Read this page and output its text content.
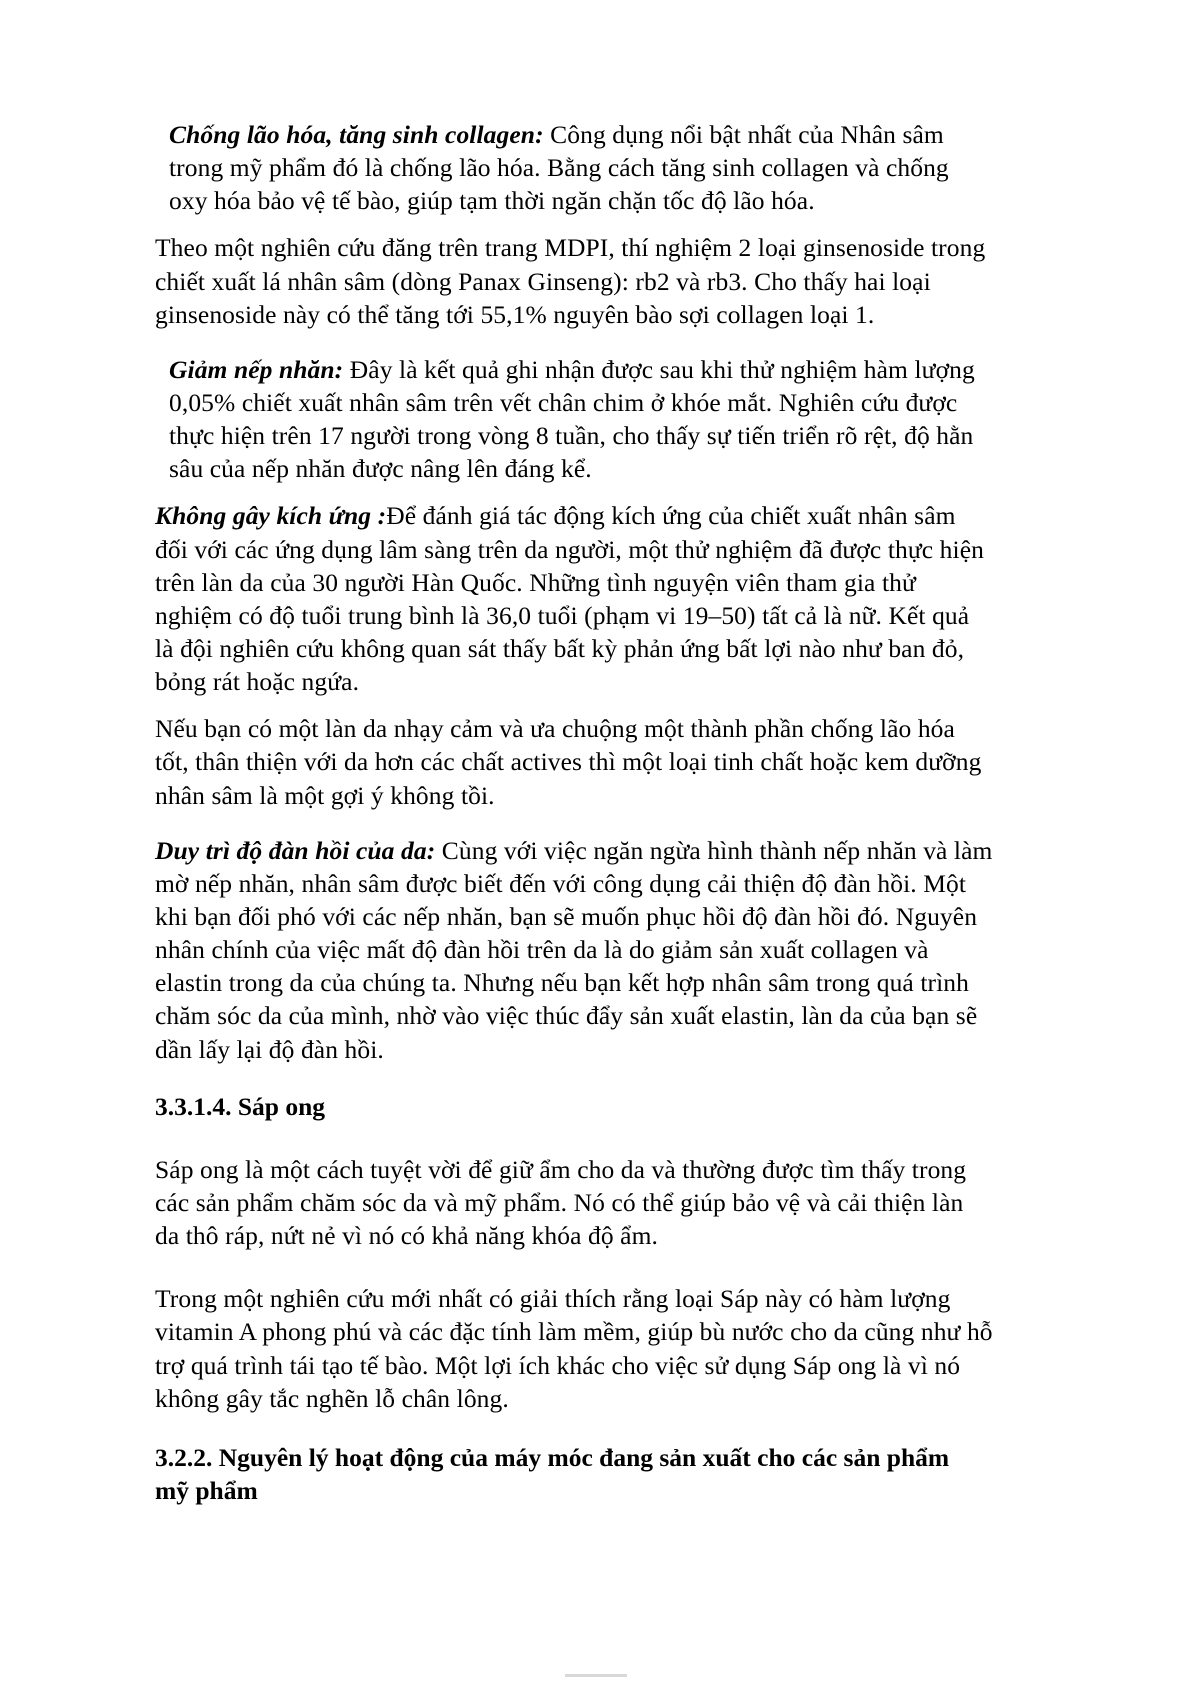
Chống lão hóa, tăng sinh collagen: Công dụng nổi bật nhất của Nhân sâm trong mỹ phẩm đó là chống lão hóa. Bằng cách tăng sinh collagen và chống oxy hóa bảo vệ tế bào, giúp tạm thời ngăn chặn tốc độ lão hóa.

Theo một nghiên cứu đăng trên trang MDPI, thí nghiệm 2 loại ginsenoside trong chiết xuất lá nhân sâm (dòng Panax Ginseng): rb2 và rb3. Cho thấy hai loại ginsenoside này có thể tăng tới 55,1% nguyên bào sợi collagen loại 1.

Giảm nếp nhăn: Đây là kết quả ghi nhận được sau khi thử nghiệm hàm lượng 0,05% chiết xuất nhân sâm trên vết chân chim ở khóe mắt. Nghiên cứu được thực hiện trên 17 người trong vòng 8 tuần, cho thấy sự tiến triển rõ rệt, độ hằn sâu của nếp nhăn được nâng lên đáng kể.

Không gây kích ứng :Để đánh giá tác động kích ứng của chiết xuất nhân sâm đối với các ứng dụng lâm sàng trên da người, một thử nghiệm đã được thực hiện trên làn da của 30 người Hàn Quốc. Những tình nguyện viên tham gia thử nghiệm có độ tuổi trung bình là 36,0 tuổi (phạm vi 19–50) tất cả là nữ. Kết quả là đội nghiên cứu không quan sát thấy bất kỳ phản ứng bất lợi nào như ban đỏ, bỏng rát hoặc ngứa.

Nếu bạn có một làn da nhạy cảm và ưa chuộng một thành phần chống lão hóa tốt, thân thiện với da hơn các chất actives thì một loại tinh chất hoặc kem dưỡng nhân sâm là một gợi ý không tồi.

Duy trì độ đàn hồi của da: Cùng với việc ngăn ngừa hình thành nếp nhăn và làm mờ nếp nhăn, nhân sâm được biết đến với công dụng cải thiện độ đàn hồi. Một khi bạn đối phó với các nếp nhăn, bạn sẽ muốn phục hồi độ đàn hồi đó. Nguyên nhân chính của việc mất độ đàn hồi trên da là do giảm sản xuất collagen và elastin trong da của chúng ta. Nhưng nếu bạn kết hợp nhân sâm trong quá trình chăm sóc da của mình, nhờ vào việc thúc đẩy sản xuất elastin, làn da của bạn sẽ dần lấy lại độ đàn hồi.

3.3.1.4. Sáp ong

Sáp ong là một cách tuyệt vời để giữ ẩm cho da và thường được tìm thấy trong các sản phẩm chăm sóc da và mỹ phẩm. Nó có thể giúp bảo vệ và cải thiện làn da thô ráp, nứt nẻ vì nó có khả năng khóa độ ẩm.

Trong một nghiên cứu mới nhất có giải thích rằng loại Sáp này có hàm lượng vitamin A phong phú và các đặc tính làm mềm, giúp bù nước cho da cũng như hỗ trợ quá trình tái tạo tế bào. Một lợi ích khác cho việc sử dụng Sáp ong là vì nó không gây tắc nghẽn lỗ chân lông.

3.2.2. Nguyên lý hoạt động của máy móc đang sản xuất cho các sản phẩm
mỹ phẩm
